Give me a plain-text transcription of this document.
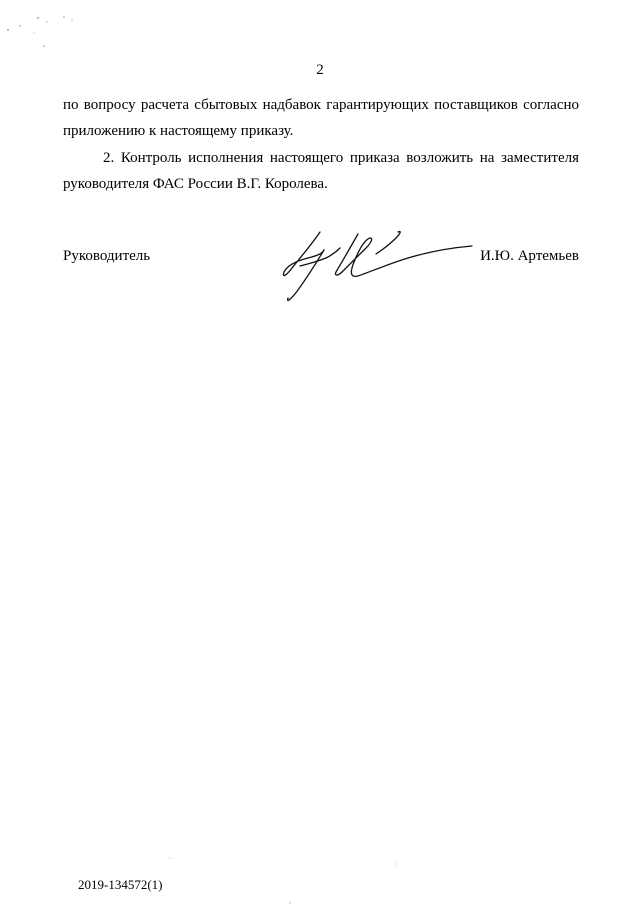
2

по вопросу расчета сбытовых надбавок гарантирующих поставщиков согласно
приложению к настоящему приказу.

2. Контроль исполнения настоящего приказа возложить на заместителя
руководителя ФАС России В.Г. Королева.

Руководитель	И.Ю. Артемьев
2019-134572(1)
